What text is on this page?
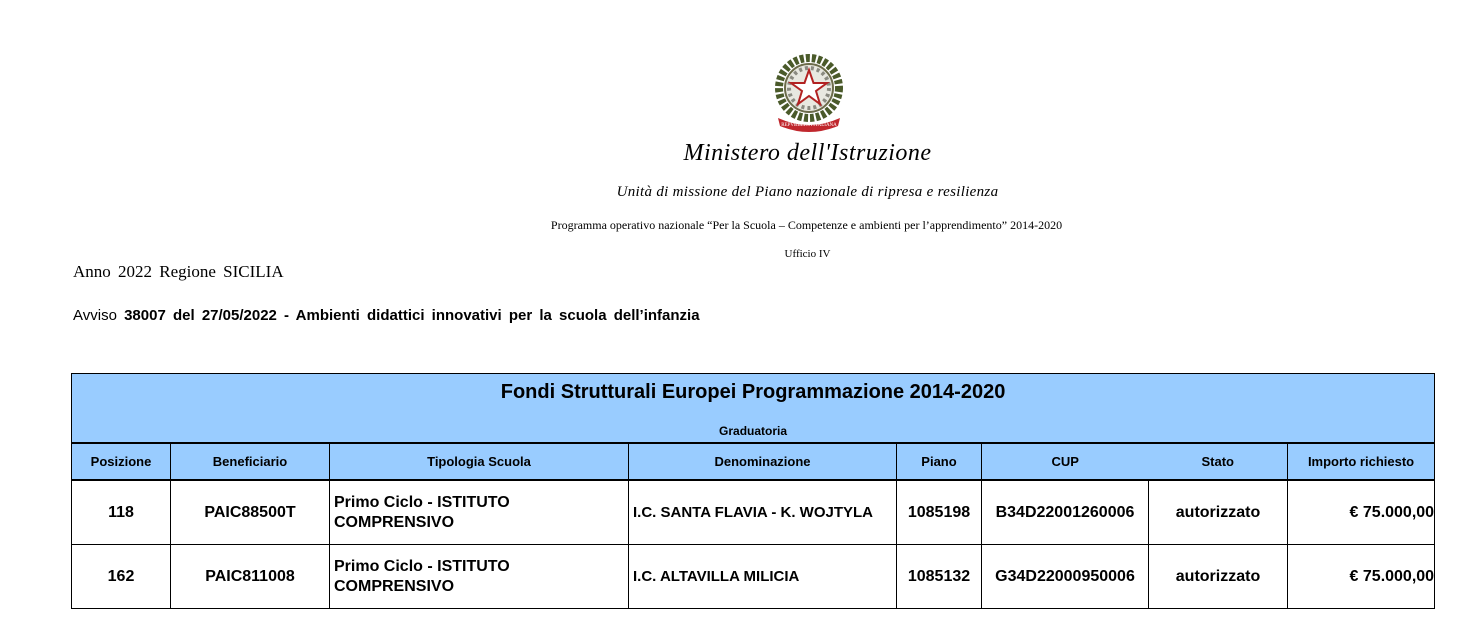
REPVBBLICA ITALIANA
Ministero dell'Istruzione
Unità di missione del Piano nazionale di ripresa e resilienza
Programma operativo nazionale “Per la Scuola – Competenze e ambienti per l’apprendimento” 2014-2020
Ufficio IV
Anno 2022 Regione SICILIA
Avviso 38007 del 27/05/2022 - Ambienti didattici innovativi per la scuola dell’infanzia
Fondi Strutturali Europei Programmazione 2014-2020
Graduatoria							

Posizione	Beneficiario	Tipologia Scuola	Denominazione	Piano	CUP	Stato	Importo richiesto
118	PAIC88500T	Primo Ciclo - ISTITUTO COMPRENSIVO	I.C. SANTA FLAVIA - K. WOJTYLA	1085198	B34D22001260006	autorizzato	€ 75.000,00
162	PAIC811008	Primo Ciclo - ISTITUTO COMPRENSIVO	I.C. ALTAVILLA MILICIA	1085132	G34D22000950006	autorizzato	€ 75.000,00
